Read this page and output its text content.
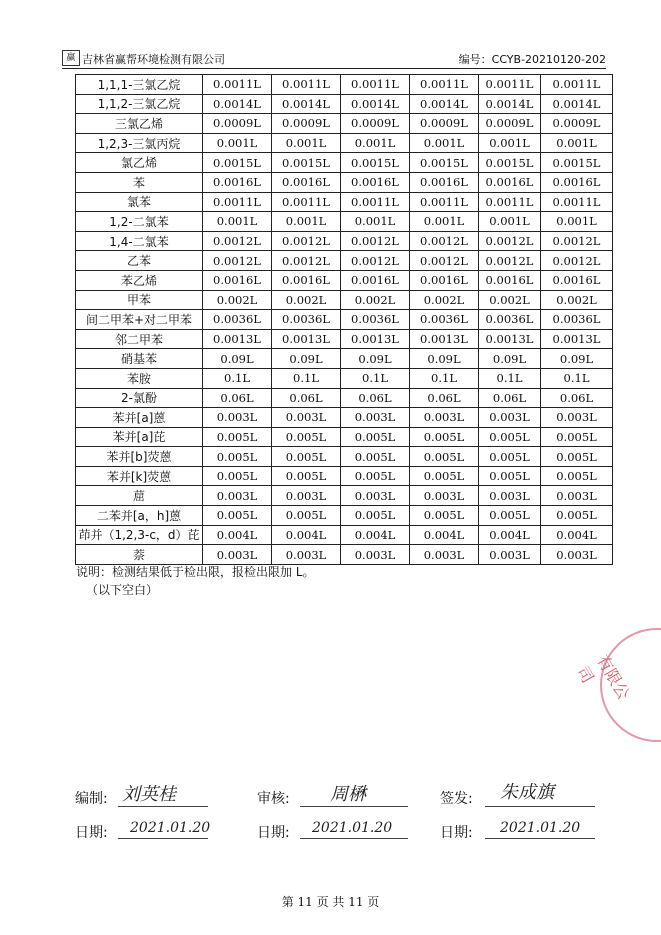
赢 吉林省赢帮环境检测有限公司	编号：CCYB-20210120-202
1,1,1-三氯乙烷	0.0011L	0.0011L	0.0011L	0.0011L	0.0011L	0.0011L
1,1,2-三氯乙烷	0.0014L	0.0014L	0.0014L	0.0014L	0.0014L	0.0014L
三氯乙烯	0.0009L	0.0009L	0.0009L	0.0009L	0.0009L	0.0009L
1,2,3-三氯丙烷	0.001L	0.001L	0.001L	0.001L	0.001L	0.001L
氯乙烯	0.0015L	0.0015L	0.0015L	0.0015L	0.0015L	0.0015L
苯	0.0016L	0.0016L	0.0016L	0.0016L	0.0016L	0.0016L
氯苯	0.0011L	0.0011L	0.0011L	0.0011L	0.0011L	0.0011L
1,2-二氯苯	0.001L	0.001L	0.001L	0.001L	0.001L	0.001L
1,4-二氯苯	0.0012L	0.0012L	0.0012L	0.0012L	0.0012L	0.0012L
乙苯	0.0012L	0.0012L	0.0012L	0.0012L	0.0012L	0.0012L
苯乙烯	0.0016L	0.0016L	0.0016L	0.0016L	0.0016L	0.0016L
甲苯	0.002L	0.002L	0.002L	0.002L	0.002L	0.002L
间二甲苯+对二甲苯	0.0036L	0.0036L	0.0036L	0.0036L	0.0036L	0.0036L
邻二甲苯	0.0013L	0.0013L	0.0013L	0.0013L	0.0013L	0.0013L
硝基苯	0.09L	0.09L	0.09L	0.09L	0.09L	0.09L
苯胺	0.1L	0.1L	0.1L	0.1L	0.1L	0.1L
2-氯酚	0.06L	0.06L	0.06L	0.06L	0.06L	0.06L
苯并[a]蒽	0.003L	0.003L	0.003L	0.003L	0.003L	0.003L
苯并[a]芘	0.005L	0.005L	0.005L	0.005L	0.005L	0.005L
苯并[b]荧蒽	0.005L	0.005L	0.005L	0.005L	0.005L	0.005L
苯并[k]荧蒽	0.005L	0.005L	0.005L	0.005L	0.005L	0.005L
䓛	0.003L	0.003L	0.003L	0.003L	0.003L	0.003L
二苯并[a，h]蒽	0.005L	0.005L	0.005L	0.005L	0.005L	0.005L
茚并（1,2,3-c，d）芘	0.004L	0.004L	0.004L	0.004L	0.004L	0.004L
萘	0.003L	0.003L	0.003L	0.003L	0.003L	0.003L
说明：检测结果低于检出限，报检出限加 L。
（以下空白）
有限公司
编制: 刘英桂	审核: 周楙	签发: 朱成旗
日期: 2021.01.20	日期: 2021.01.20	日期: 2021.01.20
第 11 页 共 11 页
